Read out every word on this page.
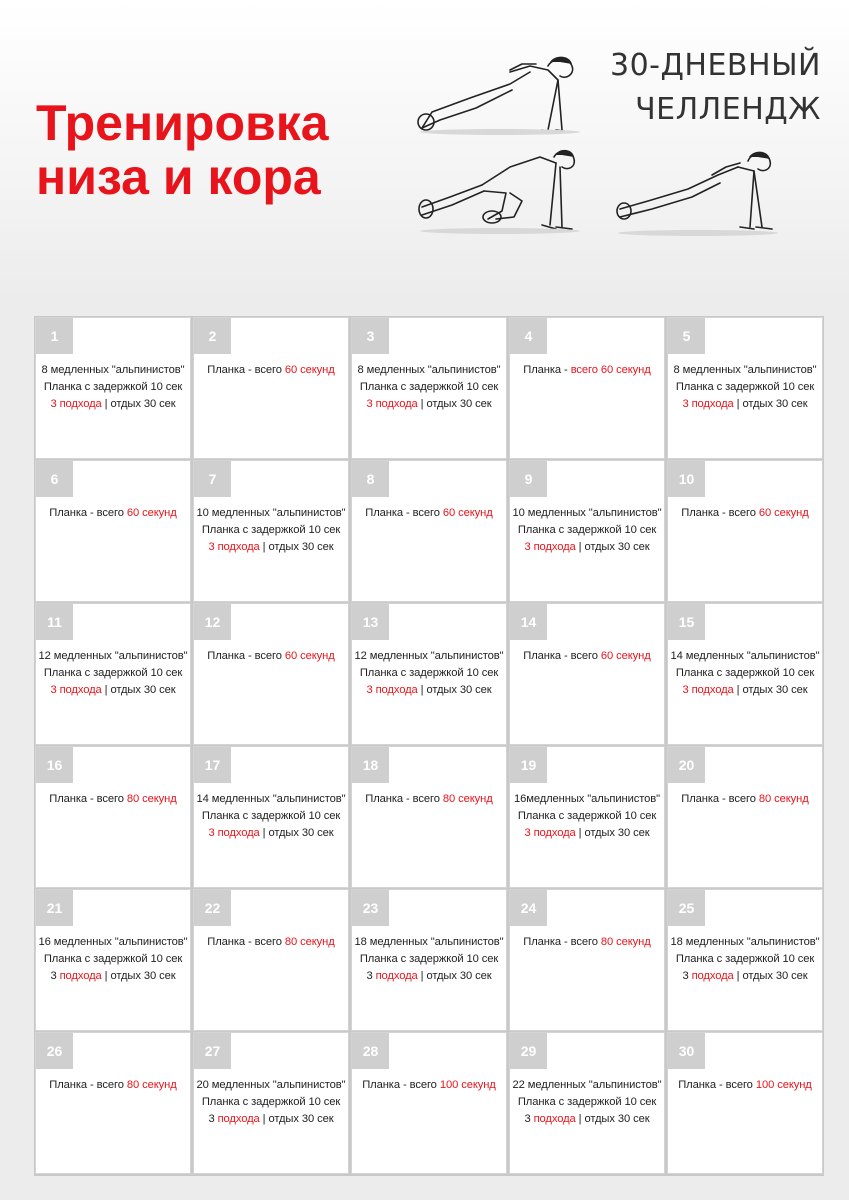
Тренировка
низа и кора
30-ДНЕВНЫЙ
ЧЕЛЛЕНДЖ
1
8 медленных "альпинистов"
Планка с задержкой 10 сек
3 подхода | отдых 30 сек
2
Планка - всего 60 секунд
3
8 медленных "альпинистов"
Планка с задержкой 10 сек
3 подхода | отдых 30 сек
4
Планка - всего 60 секунд
5
8 медленных "альпинистов"
Планка с задержкой 10 сек
3 подхода | отдых 30 сек
6
Планка - всего 60 секунд
7
10 медленных "альпинистов"
Планка с задержкой 10 сек
3 подхода | отдых 30 сек
8
Планка - всего 60 секунд
9
10 медленных "альпинистов"
Планка с задержкой 10 сек
3 подхода | отдых 30 сек
10
Планка - всего 60 секунд
11
12 медленных "альпинистов"
Планка с задержкой 10 сек
3 подхода | отдых 30 сек
12
Планка - всего 60 секунд
13
12 медленных "альпинистов"
Планка с задержкой 10 сек
3 подхода | отдых 30 сек
14
Планка - всего 60 секунд
15
14 медленных "альпинистов"
Планка с задержкой 10 сек
3 подхода | отдых 30 сек
16
Планка - всего 80 секунд
17
14 медленных "альпинистов"
Планка с задержкой 10 сек
3 подхода | отдых 30 сек
18
Планка - всего 80 секунд
19
16медленных "альпинистов"
Планка с задержкой 10 сек
3 подхода | отдых 30 сек
20
Планка - всего 80 секунд
21
16 медленных "альпинистов"
Планка с задержкой 10 сек
3 подхода | отдых 30 сек
22
Планка - всего 80 секунд
23
18 медленных "альпинистов"
Планка с задержкой 10 сек
3 подхода | отдых 30 сек
24
Планка - всего 80 секунд
25
18 медленных "альпинистов"
Планка с задержкой 10 сек
3 подхода | отдых 30 сек
26
Планка - всего 80 секунд
27
20 медленных "альпинистов"
Планка с задержкой 10 сек
3 подхода | отдых 30 сек
28
Планка - всего 100 секунд
29
22 медленных "альпинистов"
Планка с задержкой 10 сек
3 подхода | отдых 30 сек
30
Планка - всего 100 секунд
